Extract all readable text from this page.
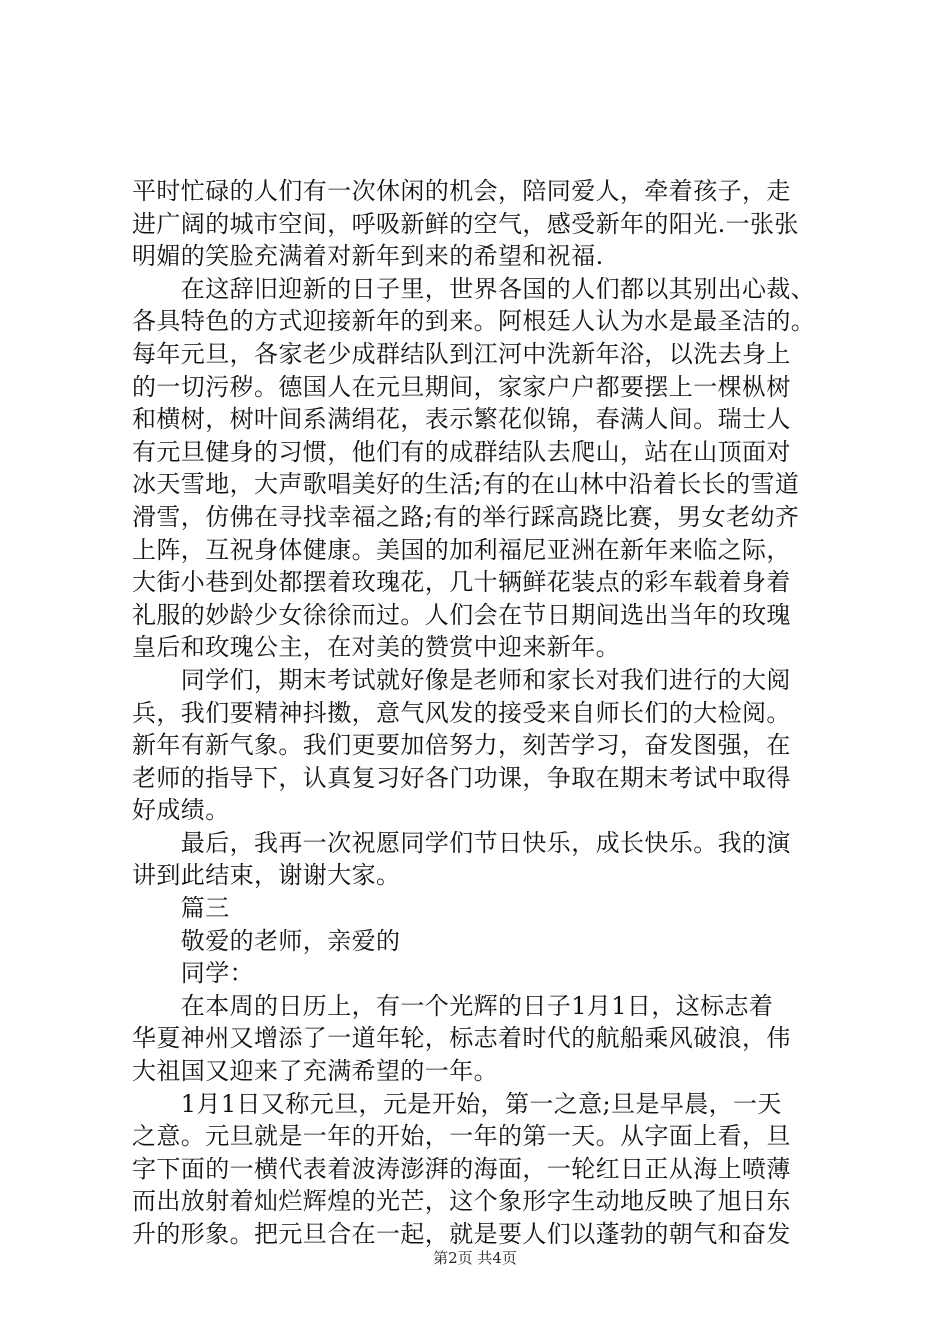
平时忙碌的人们有一次休闲的机会，陪同爱人，牵着孩子，走
进广阔的城市空间，呼吸新鲜的空气，感受新年的阳光.一张张
明媚的笑脸充满着对新年到来的希望和祝福.
　　在这辞旧迎新的日子里，世界各国的人们都以其别出心裁、
各具特色的方式迎接新年的到来。阿根廷人认为水是最圣洁的。
每年元旦，各家老少成群结队到江河中洗新年浴，以洗去身上
的一切污秽。德国人在元旦期间，家家户户都要摆上一棵枞树
和横树，树叶间系满绢花，表示繁花似锦，春满人间。瑞士人
有元旦健身的习惯，他们有的成群结队去爬山，站在山顶面对
冰天雪地，大声歌唱美好的生活;有的在山林中沿着长长的雪道
滑雪，仿佛在寻找幸福之路;有的举行踩高跷比赛，男女老幼齐
上阵，互祝身体健康。美国的加利福尼亚洲在新年来临之际，
大街小巷到处都摆着玫瑰花，几十辆鲜花装点的彩车载着身着
礼服的妙龄少女徐徐而过。人们会在节日期间选出当年的玫瑰
皇后和玫瑰公主，在对美的赞赏中迎来新年。
　　同学们，期末考试就好像是老师和家长对我们进行的大阅
兵，我们要精神抖擞，意气风发的接受来自师长们的大检阅。
新年有新气象。我们更要加倍努力，刻苦学习，奋发图强，在
老师的指导下，认真复习好各门功课，争取在期末考试中取得
好成绩。
　　最后，我再一次祝愿同学们节日快乐，成长快乐。我的演
讲到此结束，谢谢大家。
　　篇三
　　敬爱的老师，亲爱的
　　同学：
　　在本周的日历上，有一个光辉的日子1月1日，这标志着
华夏神州又增添了一道年轮，标志着时代的航船乘风破浪，伟
大祖国又迎来了充满希望的一年。
　　1月1日又称元旦，元是开始，第一之意;旦是早晨，一天
之意。元旦就是一年的开始，一年的第一天。从字面上看，旦
字下面的一横代表着波涛澎湃的海面，一轮红日正从海上喷薄
而出放射着灿烂辉煌的光芒，这个象形字生动地反映了旭日东
升的形象。把元旦合在一起，就是要人们以蓬勃的朝气和奋发
第2页 共4页
